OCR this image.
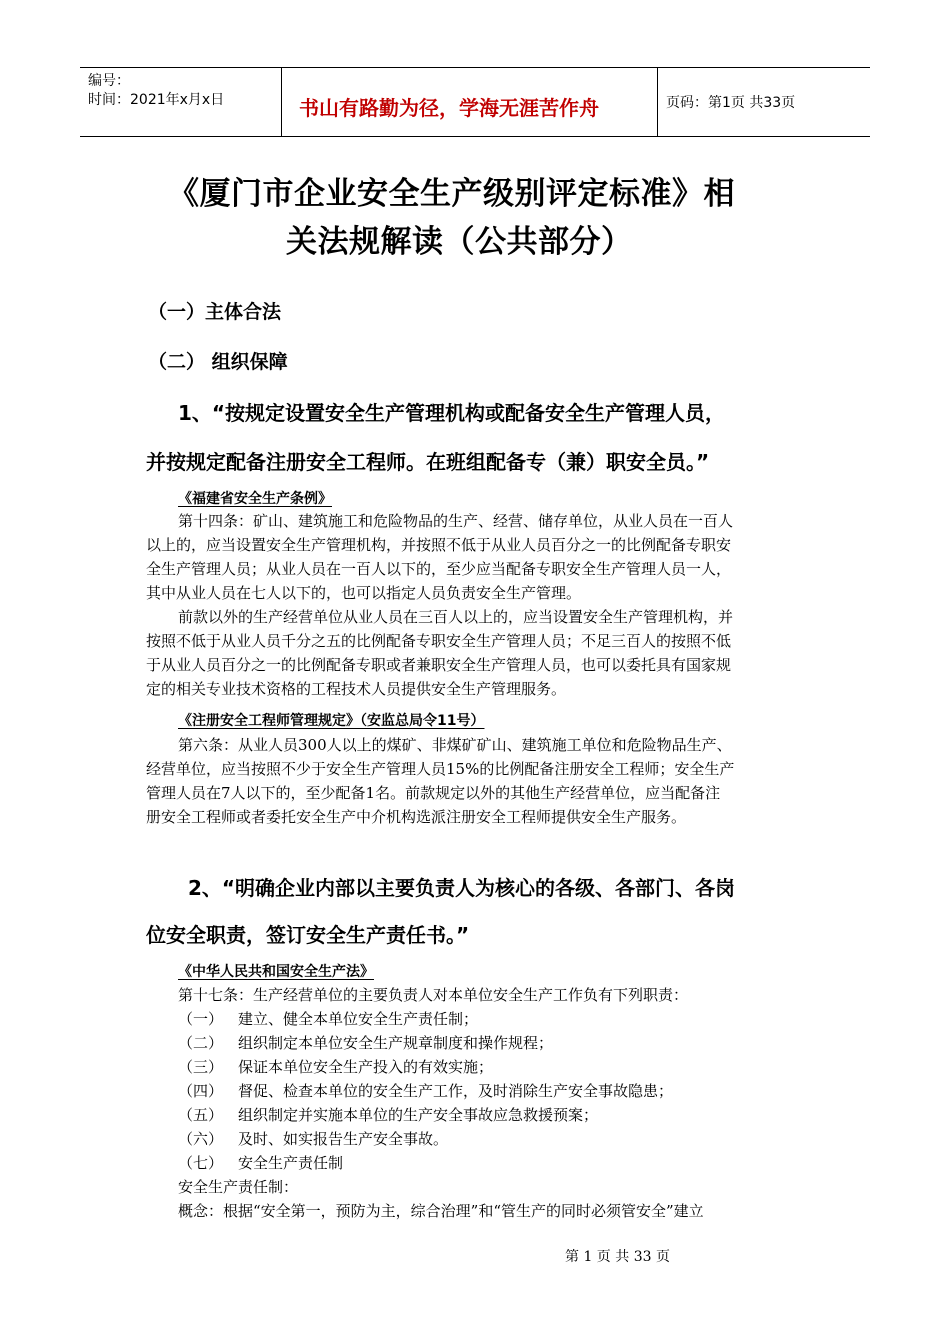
编号：
时间：2021年x月x日	书山有路勤为径，学海无涯苦作舟	页码：第1页 共33页
《厦门市企业安全生产级别评定标准》相
关法规解读（公共部分）
（一）主体合法
（二） 组织保障
1、“按规定设置安全生产管理机构或配备安全生产管理人员，
并按规定配备注册安全工程师。在班组配备专（兼）职安全员。”
《福建省安全生产条例》
第十四条：矿山、建筑施工和危险物品的生产、经营、储存单位，从业人员在一百人
以上的，应当设置安全生产管理机构，并按照不低于从业人员百分之一的比例配备专职安
全生产管理人员；从业人员在一百人以下的，至少应当配备专职安全生产管理人员一人，
其中从业人员在七人以下的，也可以指定人员负责安全生产管理。
前款以外的生产经营单位从业人员在三百人以上的，应当设置安全生产管理机构，并
按照不低于从业人员千分之五的比例配备专职安全生产管理人员；不足三百人的按照不低
于从业人员百分之一的比例配备专职或者兼职安全生产管理人员，也可以委托具有国家规
定的相关专业技术资格的工程技术人员提供安全生产管理服务。
《注册安全工程师管理规定》（安监总局令11号）
第六条：从业人员300人以上的煤矿、非煤矿矿山、建筑施工单位和危险物品生产、
经营单位，应当按照不少于安全生产管理人员15%的比例配备注册安全工程师；安全生产
管理人员在7人以下的，至少配备1名。前款规定以外的其他生产经营单位，应当配备注
册安全工程师或者委托安全生产中介机构选派注册安全工程师提供安全生产服务。
2、“明确企业内部以主要负责人为核心的各级、各部门、各岗
位安全职责，签订安全生产责任书。”
《中华人民共和国安全生产法》
第十七条：生产经营单位的主要负责人对本单位安全生产工作负有下列职责：
（一） 建立、健全本单位安全生产责任制；
（二） 组织制定本单位安全生产规章制度和操作规程；
（三） 保证本单位安全生产投入的有效实施；
（四） 督促、检查本单位的安全生产工作，及时消除生产安全事故隐患；
（五） 组织制定并实施本单位的生产安全事故应急救援预案；
（六） 及时、如实报告生产安全事故。
（七） 安全生产责任制
安全生产责任制：
概念：根据“安全第一，预防为主，综合治理”和“管生产的同时必须管安全”建立
第 1 页 共 33 页
